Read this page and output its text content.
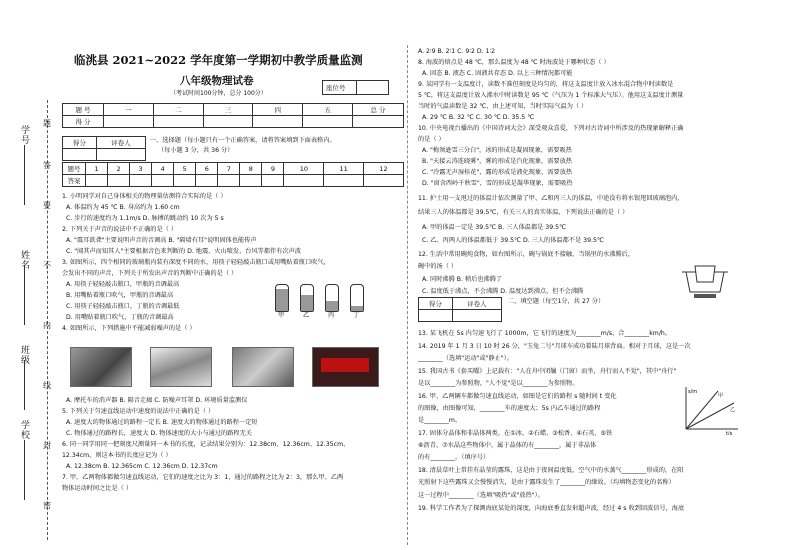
学号
姓名
班级
学校
密
封
线
内
不
要
答
题
临洮县 2021~2022 学年度第一学期初中教学质量监测
八年级物理试卷
（考试时间100分钟，总分 100分）
座位号
题 号	一	二	三	四	五	总 分
得 分						
得分	评卷人
		一、选择题（每小题只有一个正确答案，请将答案填到下面表格内。
（每小题 3 分，共 36 分）
题号	1	2	3	4	5	6	7	8	9	10	11	12
答案												
1. 小明同学对自己身体相关的物理量估测符合实际的是（ ）
A. 体温约为 45 ℃ B. 身高约为 1.60 cm
C. 步行的速度约为 1.1m/s D. 脉搏的跳动约 10 次为 5 s
2. 下列关于声音的说法中不正确的是（ ）
A. "震耳欲聋"主要说明声音的音调高 B. "隔墙有耳"说明固体也能传声
C. "闻其声而知其人"主要根据音色来判断的 D. 地震、火山喷发、台风等都伴有次声波
3. 如图所示，四个相同的玻璃瓶内装有深度不同的水，用筷子轻轻敲击瓶口或用嘴贴着瓶口吹气，
会发出不同的声音，下列关于所发出声音的判断中正确的是（ ）
A. 用筷子轻轻敲击瓶口，甲瓶的音调最高
B. 用嘴贴着瓶口吹气，甲瓶的音调最高
C. 用筷子轻轻敲击瓶口，丁瓶的音调最低
D. 用嘴贴着瓶口吹气，丁瓶的音调最高
4. 如图所示，下列措施中不能减弱噪声的是（ ）
甲	乙	丙	丁
A. 摩托车的消声器 B. 隔音走廊 C. 防噪声耳罩 D. 环境质量监测仪
5. 下列关于匀速直线运动中速度的说法中正确的是（ ）
A. 速度大的物体通过的路程一定长 B. 速度大的物体通过的路程一定短
C. 物体通过的路程长，速度大 D. 物体速度的大小与通过的路程无关
6. 同一同学用同一把刻度尺测量同一本书的长度，记录结果分别为：12.38cm、12.36cm、12.35cm、
12.34cm，则这本书的长度应记为（ ）
A. 12.38cm B. 12.365cm C. 12.36cm D. 12.37cm
7. 甲、乙两物体都做匀速直线运动，它们的速度之比为 3：1，通过的路程之比为 2：3，那么甲、乙两
物体运动时间之比是（ ）
A. 2∶9 B. 2∶1 C. 9∶2 D. 1∶2
8. 海波的熔点是 48 ℃，那么温度为 48 ℃ 时海波处于哪种状态（ ）
A. 固态 B. 液态 C. 固液共存态 D. 以上三种情况都可能
9. 某同学有一支温度计，读数不准但刻度是均匀的，将这支温度计放入冰水混合物中时读数是
5 ℃，将这支温度计放入沸水中时读数是 95 ℃（气压为 1 个标准大气压）。他用这支温度计测量
当时的气温读数是 32 ℃，由上述可知，当时实际气温为（ ）
A. 29 ℃ B. 32 ℃ C. 30 ℃ D. 35.5 ℃
10. 中央电视台播出的《中国诗词大会》深受观众喜爱，下列对古诗词中所涉及的热现象解释正确
的是（ ）
A. "梅须逊雪三分白"，冰的形成是凝固现象，需要吸热
B. "天接云涛连晓雾"，雾的形成是汽化现象，需要放热
C. "冷露无声湿桂花"，露的形成是液化现象，需要放热
D. "窗含西岭千秋雪"，雪的形成是凝华现象，需要吸热
11. 护士用一支甩过的体温计依次测量了甲、乙和丙三人的体温，中途没有将水银甩回玻璃泡内，
结果三人的体温都是 39.5℃，有关三人的真实体温，下列说法正确的是（ ）
A. 甲的体温一定是 39.5℃ B. 三人体温都是 39.5℃
C. 乙、丙两人的体温都低于 39.5℃ D. 三人的体温都不是 39.5℃
12. 生活中常用碗炖食物，如右图所示，碗与锅底不接触，当锅里的水沸腾后，
碗中的汤（ ）
A. 同时沸腾 B. 稍后也沸腾了
C. 温度低于沸点，不会沸腾 D. 温度达到沸点，但不会沸腾
得分	评卷人
		二、填空题（每空1分，共 27 分）
13. 某飞机在 5s 内匀速飞行了 1000m，它飞行的速度为________m/s，合________km/h。
14. 2019 年 1 月 3 日 10 时 26 分，"玉兔二号"月球车成功着陆月球背面。相对于月球，这是一次
________（选填"运动"或"静止"）。
15. 我国古书《套买曜》上记载有："人在舟中闭牖（门窗）而坐，舟行而人不觉"，其中"舟行"
是以________为参照物，"人不觉"是以________为参照物。
16. 甲、乙两辆车都做匀速直线运动，如图是它们的路程 s 随时间 t 变化
的图像，由图像可知，________车的速度大；5s 内乙车通过的路程
是________m。
17. 固体分晶体和非晶体两类，在①冰、②石蜡、③松香、④石英、⑤铁
⑥沥青、⑦水晶这些物体中，属于晶体的有________，属于非晶体
的有________。（填序号）
18. 清晨草叶上常挂有晶莹的露珠，这是由于夜间温度低，空气中的水蒸气________形成的，在阳
光照射下这些露珠又会慢慢消失，是由于露珠发生了________的缘故。（均填物态变化的名称）
这一过程中________（选填"吸热"或"放热"）。
19. 科学工作者为了探测海底某处的深度，向海底垂直发射超声波，经过 4 s 收到回波信号，海底
s/m
t/s
甲
乙
